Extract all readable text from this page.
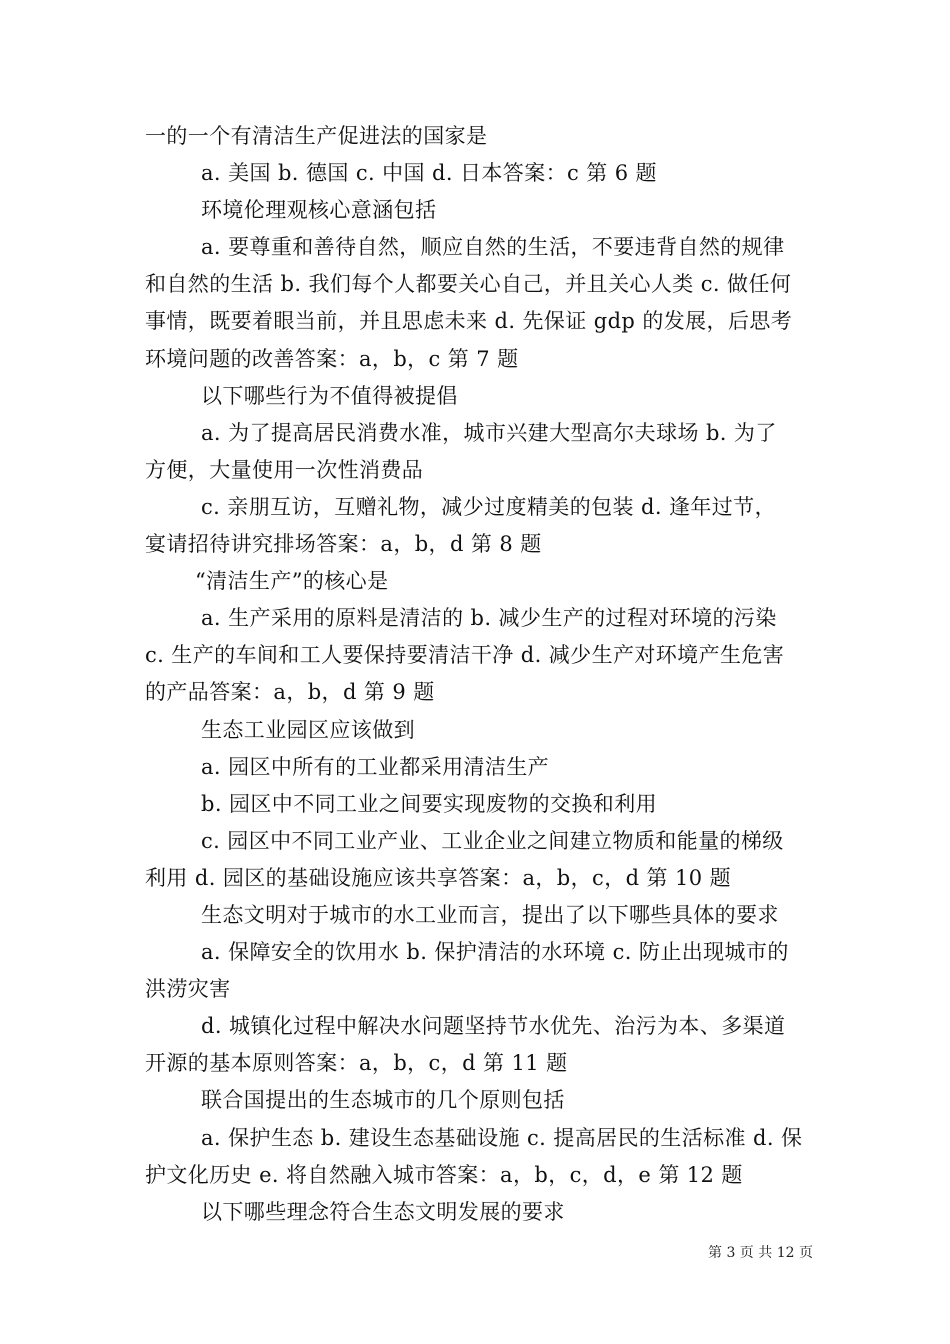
一的一个有清洁生产促进法的国家是
a. 美国 b. 德国 c. 中国 d. 日本答案：c 第 6 题
环境伦理观核心意涵包括
a. 要尊重和善待自然，顺应自然的生活，不要违背自然的规律
和自然的生活 b. 我们每个人都要关心自己，并且关心人类 c. 做任何
事情，既要着眼当前，并且思虑未来 d. 先保证 gdp 的发展，后思考
环境问题的改善答案：a，b，c 第 7 题
以下哪些行为不值得被提倡
a. 为了提高居民消费水准，城市兴建大型高尔夫球场 b. 为了
方便，大量使用一次性消费品
c. 亲朋互访，互赠礼物，减少过度精美的包装 d. 逢年过节，
宴请招待讲究排场答案：a，b，d 第 8 题
“清洁生产”的核心是
a. 生产采用的原料是清洁的 b. 减少生产的过程对环境的污染
c. 生产的车间和工人要保持要清洁干净 d. 减少生产对环境产生危害
的产品答案：a，b，d 第 9 题
生态工业园区应该做到
a. 园区中所有的工业都采用清洁生产
b. 园区中不同工业之间要实现废物的交换和利用
c. 园区中不同工业产业、工业企业之间建立物质和能量的梯级
利用 d. 园区的基础设施应该共享答案：a，b，c，d 第 10 题
生态文明对于城市的水工业而言，提出了以下哪些具体的要求
a. 保障安全的饮用水 b. 保护清洁的水环境 c. 防止出现城市的
洪涝灾害
d. 城镇化过程中解决水问题坚持节水优先、治污为本、多渠道
开源的基本原则答案：a，b，c，d 第 11 题
联合国提出的生态城市的几个原则包括
a. 保护生态 b. 建设生态基础设施 c. 提高居民的生活标准 d. 保
护文化历史 e. 将自然融入城市答案：a，b，c，d，e 第 12 题
以下哪些理念符合生态文明发展的要求
第 3 页 共 12 页
